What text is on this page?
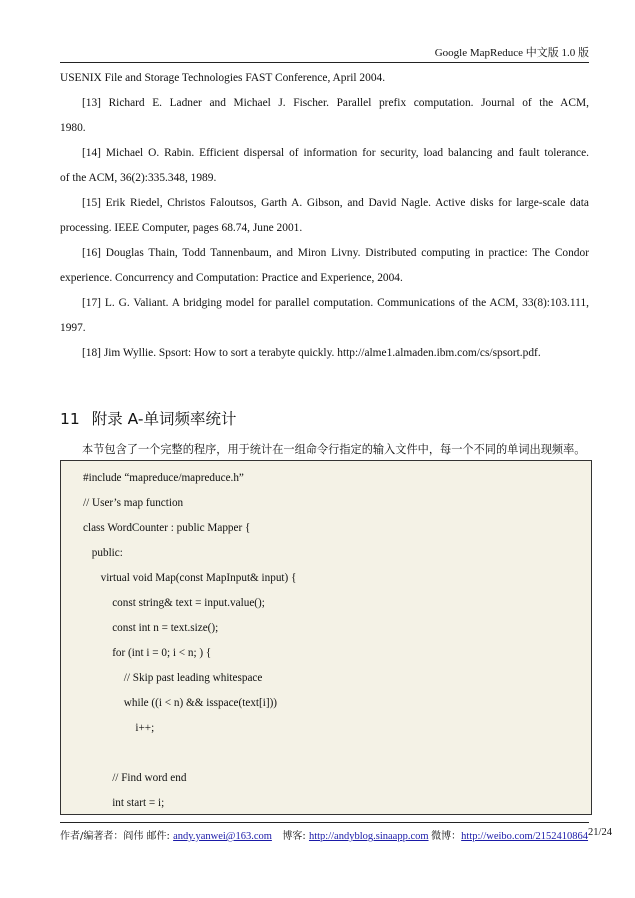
Google MapReduce 中文版 1.0 版
USENIX File and Storage Technologies FAST Conference, April 2004.
[13] Richard E. Ladner and Michael J. Fischer. Parallel prefix computation. Journal of the ACM,
1980.
[14] Michael O. Rabin. Efficient dispersal of information for security, load balancing and fault tolerance.
of the ACM, 36(2):335.348, 1989.
[15] Erik Riedel, Christos Faloutsos, Garth A. Gibson, and David Nagle. Active disks for large-scale data
processing. IEEE Computer, pages 68.74, June 2001.
[16] Douglas Thain, Todd Tannenbaum, and Miron Livny. Distributed computing in practice: The Condor
experience. Concurrency and Computation: Practice and Experience, 2004.
[17] L. G. Valiant. A bridging model for parallel computation. Communications of the ACM, 33(8):103.111,
1997.
[18] Jim Wyllie. Spsort: How to sort a terabyte quickly. http://alme1.almaden.ibm.com/cs/spsort.pdf.
11 附录 A-单词频率统计
本节包含了一个完整的程序，用于统计在一组命令行指定的输入文件中，每一个不同的单词出现频率。
#include “mapreduce/mapreduce.h”
// User’s map function
class WordCounter : public Mapper {
public:
virtual void Map(const MapInput& input) {
const string& text = input.value();
const int n = text.size();
for (int i = 0; i < n; ) {
// Skip past leading whitespace
while ((i < n) && isspace(text[i]))
i++;
// Find word end
int start = i;
作者/编著者：阎伟 邮件: andy.yanwei@163.com 博客: http://andyblog.sinaapp.com 微博：http://weibo.com/2152410864 21/24
